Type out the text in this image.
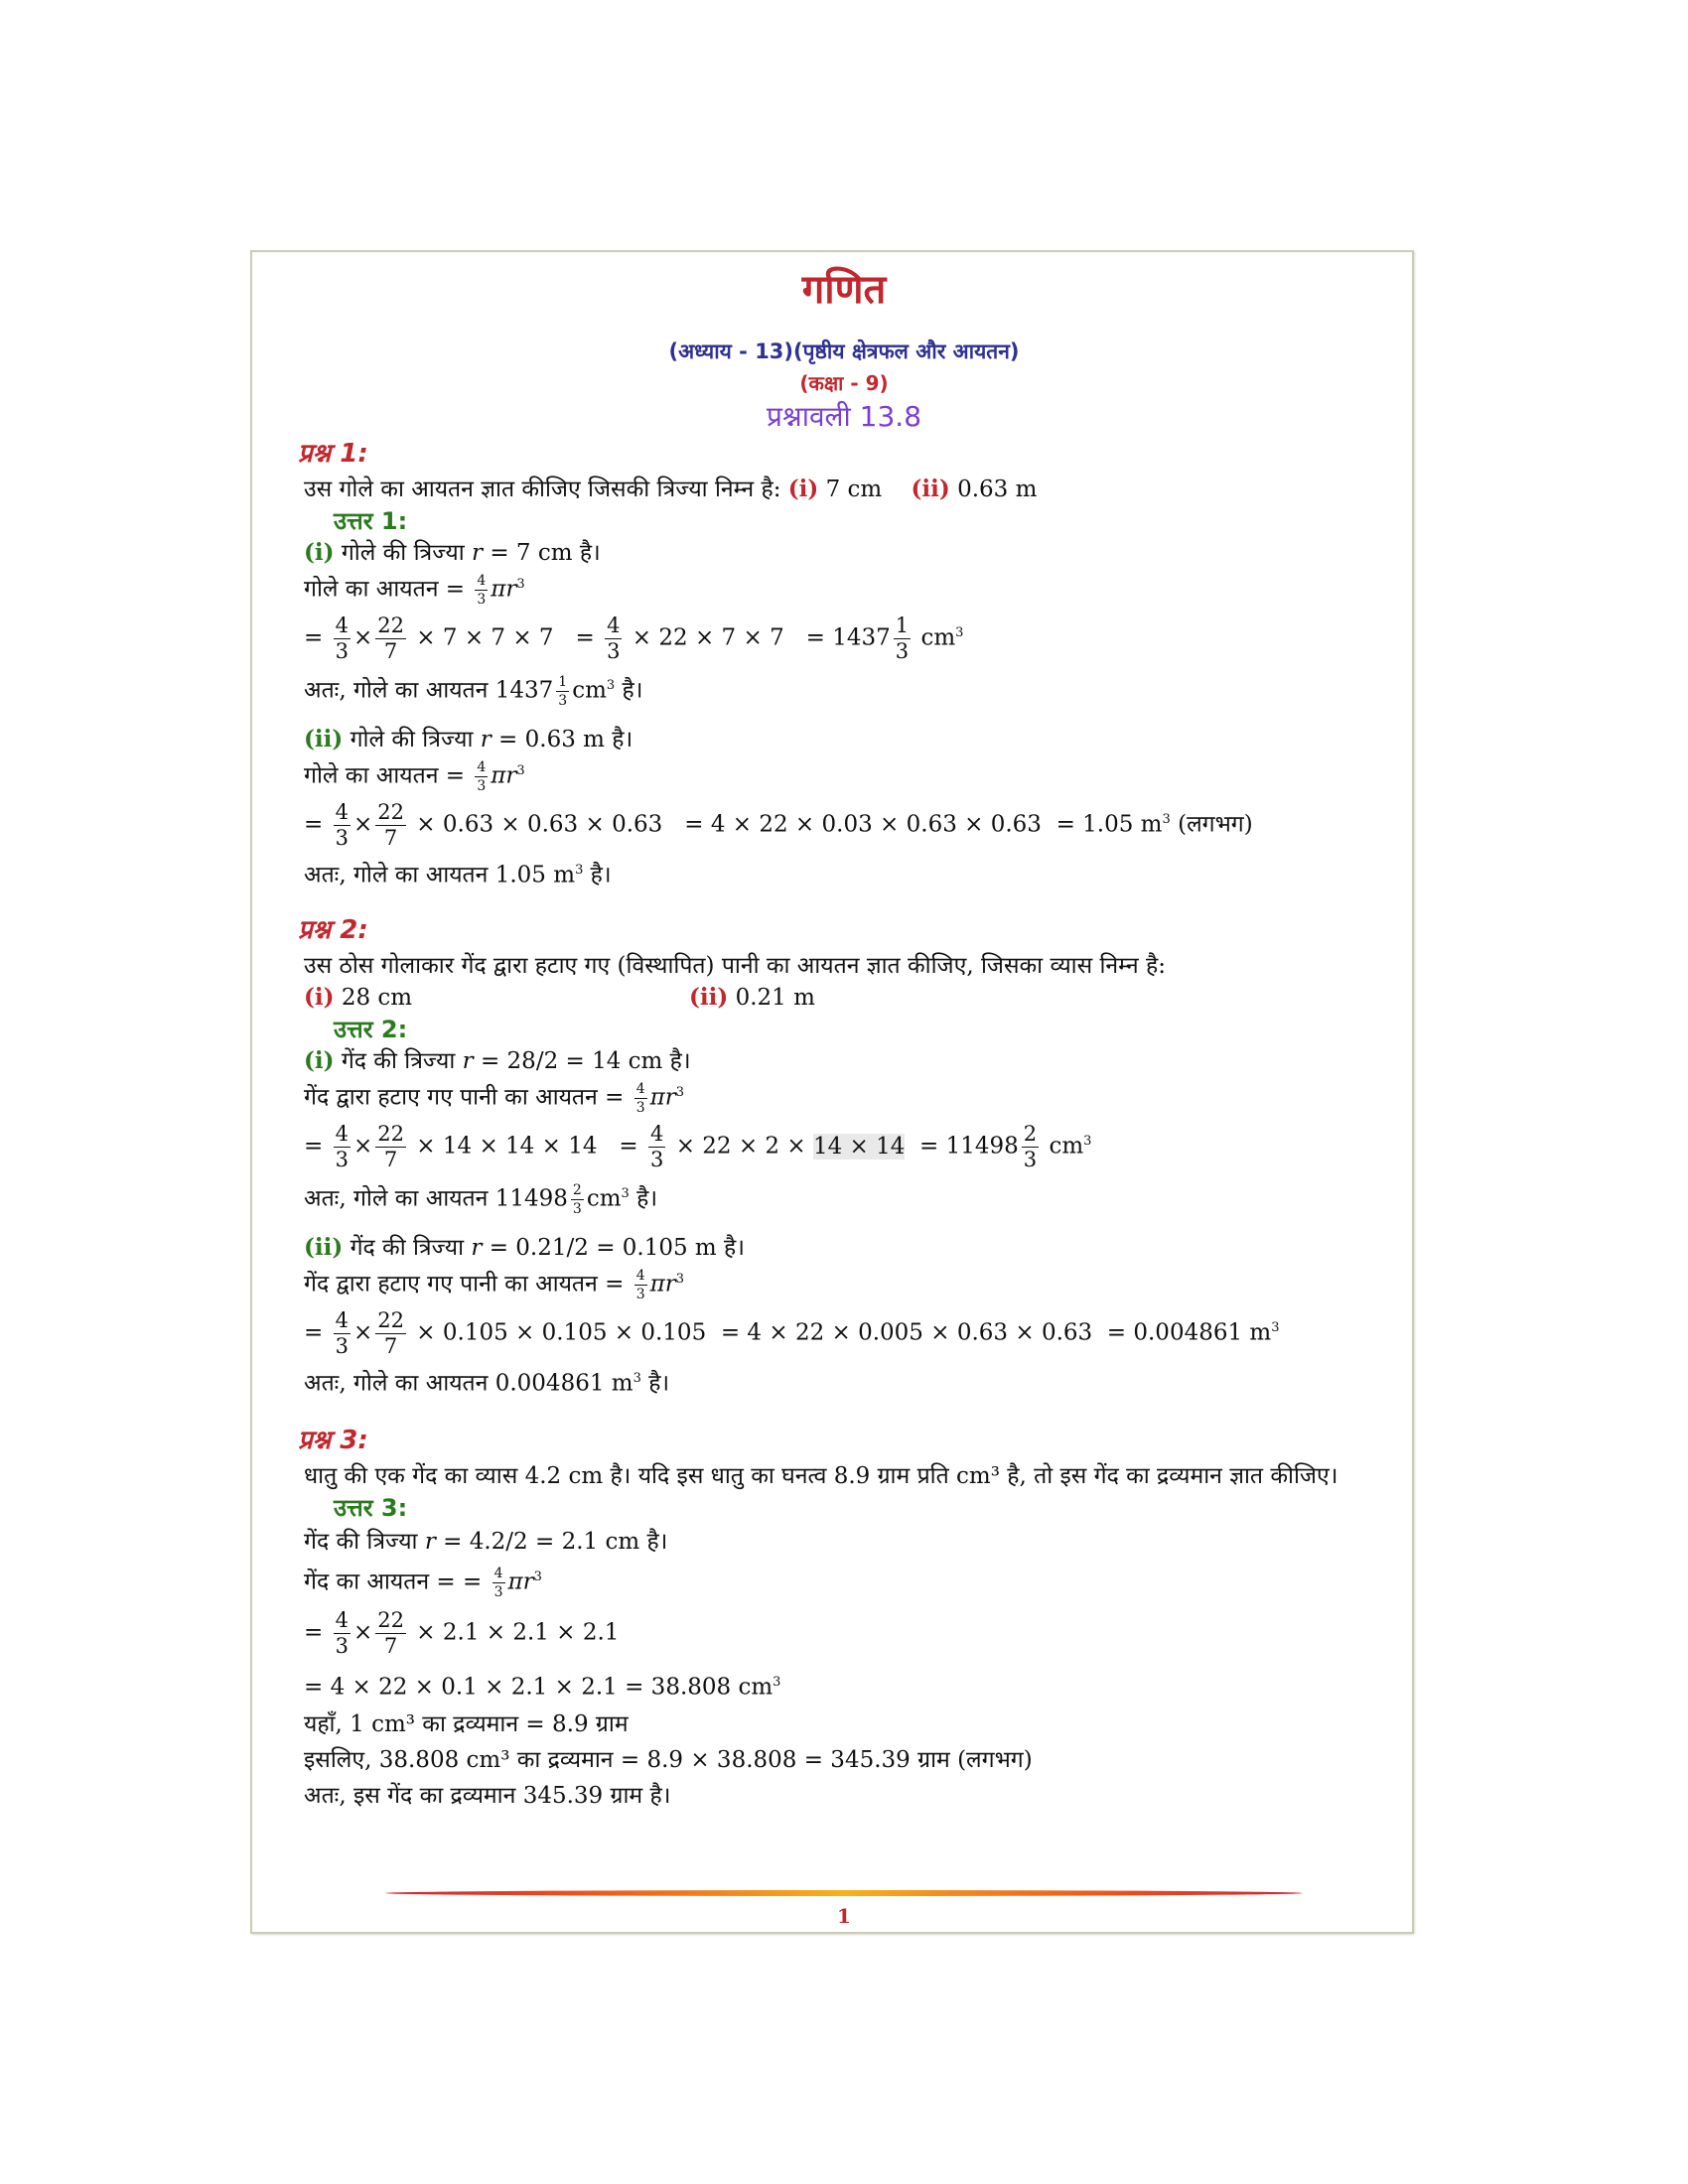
गणित
(अध्याय - 13)(पृष्ठीय क्षेत्रफल और आयतन)
(कक्षा - 9)
प्रश्नावली 13.8
प्रश्न 1:
उस गोले का आयतन ज्ञात कीजिए जिसकी त्रिज्या निम्न है: (i) 7 cm (ii) 0.63 m
उत्तर 1:
(i) गोले की त्रिज्या r = 7 cm है।
गोले का आयतन = $\frac{4}{3} \pi r^3$
= $\frac{4}{3} \times \frac{22}{7} \times 7 \times 7 \times 7 = \frac{4}{3} \times 22 \times 7 \times 7 = 1437 \frac{1}{3} cm^3$
अतः, गोले का आयतन $1437 \frac{1}{3} cm^3$ है।
(ii) गोले की त्रिज्या r = 0.63 m है।
गोले का आयतन = $\frac{4}{3} \pi r^3$
= $\frac{4}{3} \times \frac{22}{7} \times 0.63 \times 0.63 \times 0.63 = 4 \times 22 \times 0.03 \times 0.63 \times 0.63 = 1.05$ $m^3$ (लगभग)
अतः, गोले का आयतन 1.05 $m^3$ है।
प्रश्न 2:
उस ठोस गोलाकार गेंद द्वारा हटाए गए (विस्थापित) पानी का आयतन ज्ञात कीजिए, जिसका व्यास निम्न है:
(i) 28 cm	(ii) 0.21 m
उत्तर 2:
(i) गेंद की त्रिज्या r = 28/2 = 14 cm है।
गेंद द्वारा हटाए गए पानी का आयतन = $\frac{4}{3} \pi r^3$
= $\frac{4}{3} \times \frac{22}{7} \times 14 \times 14 \times 14 = \frac{4}{3} \times 22 \times 2 \times 14 \times 14 = 11498 \frac{2}{3} cm^3$
अतः, गोले का आयतन $11498 \frac{2}{3} cm^3$ है।
(ii) गेंद की त्रिज्या r = 0.21/2 = 0.105 m है।
गेंद द्वारा हटाए गए पानी का आयतन = $\frac{4}{3} \pi r^3$
= $\frac{4}{3} \times \frac{22}{7} \times 0.105 \times 0.105 \times 0.105 = 4 \times 22 \times 0.005 \times 0.63 \times 0.63 = 0.004861$ $m^3$
अतः, गोले का आयतन 0.004861 $m^3$ है।
प्रश्न 3:
धातु की एक गेंद का व्यास 4.2 cm है। यदि इस धातु का घनत्व 8.9 ग्राम प्रति cm³ है, तो इस गेंद का द्रव्यमान ज्ञात कीजिए।
उत्तर 3:
गेंद की त्रिज्या r = 4.2/2 = 2.1 cm है।
गेंद का आयतन = = $\frac{4}{3} \pi r^3$
= $\frac{4}{3} \times \frac{22}{7} \times 2.1 \times 2.1 \times 2.1$
= 4 × 22 × 0.1 × 2.1 × 2.1 = 38.808 $cm^3$
यहाँ, 1 cm³ का द्रव्यमान = 8.9 ग्राम
इसलिए, 38.808 cm³ का द्रव्यमान = 8.9 × 38.808 = 345.39 ग्राम (लगभग)
अतः, इस गेंद का द्रव्यमान 345.39 ग्राम है।
1
